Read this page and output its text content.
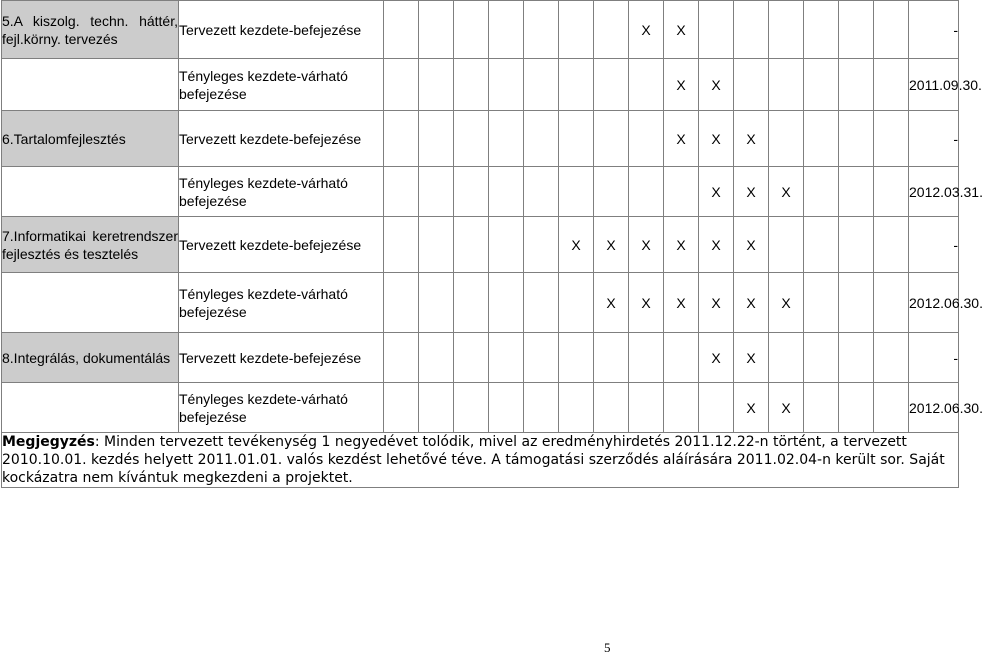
5.A kiszolg. techn. háttér, fejl.körny. tervezés	Tervezett kezdete-befejezése								X	X							-
	Tényleges kezdete-várható befejezése									X	X						2011.09.30.
6.Tartalomfejlesztés	Tervezett kezdete-befejezése									X	X	X					-
	Tényleges kezdete-várható befejezése										X	X	X				2012.03.31.
7.Informatikai keretrendszer fejlesztés és tesztelés	Tervezett kezdete-befejezése						X	X	X	X	X	X					-
	Tényleges kezdete-várható befejezése							X	X	X	X	X	X				2012.06.30.
8.Integrálás, dokumentálás	Tervezett kezdete-befejezése										X	X					-
	Tényleges kezdete-várható befejezése											X	X				2012.06.30.
Megjegyzés: Minden tervezett tevékenység 1 negyedévet tolódik, mivel az eredményhirdetés 2011.12.22-n történt, a tervezett 2010.10.01. kezdés helyett 2011.01.01. valós kezdést lehetővé téve. A támogatási szerződés aláírására 2011.02.04-n került sor. Saját kockázatra nem kívántuk megkezdeni a projektet.																	
5
